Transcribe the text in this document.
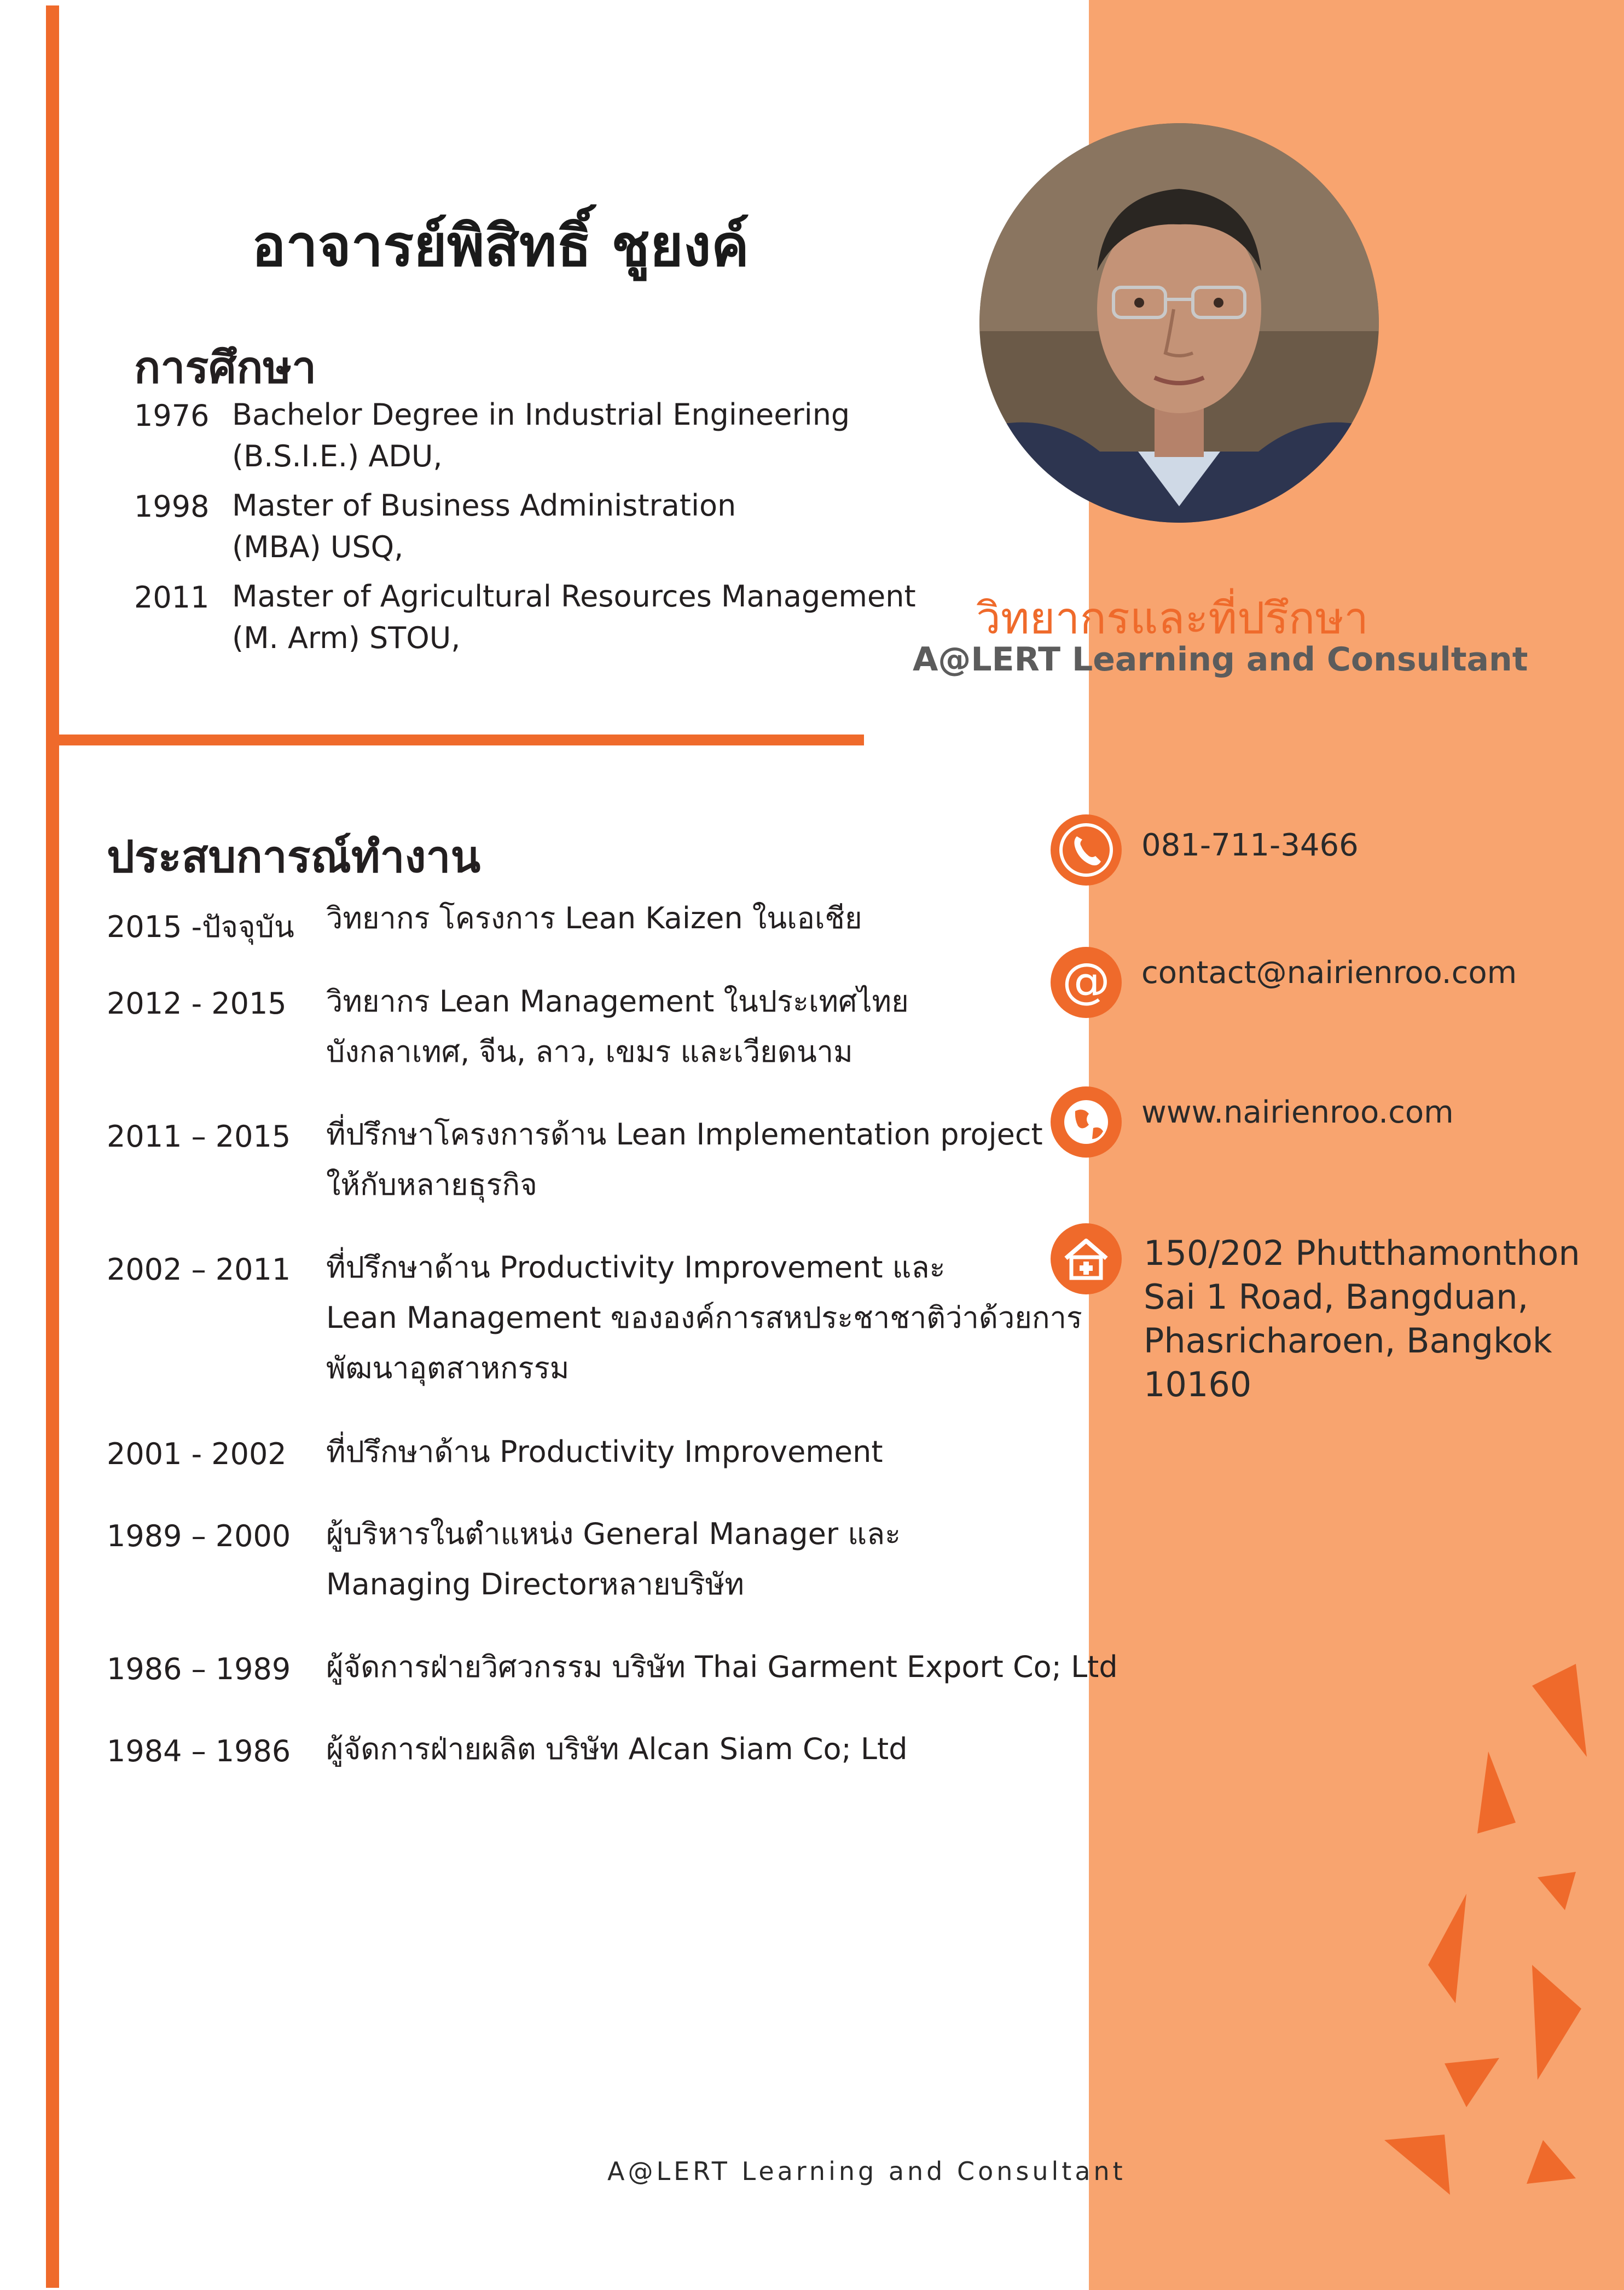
อาจารย์พิสิทธิ์ ชูยงค์
การศึกษา
1976 Bachelor Degree in Industrial Engineering
(B.S.I.E.) ADU,
1998 Master of Business Administration
(MBA) USQ,
2011 Master of Agricultural Resources Management
(M. Arm) STOU,	วิทยากรและที่ปรึกษา
A@LERT Learning and Consultant
ประสบการณ์ทำงาน
2015 -ปัจจุบัน วิทยากร โครงการ Lean Kaizen ในเอเชีย
2012 - 2015 วิทยากร Lean Management ในประเทศไทย
บังกลาเทศ, จีน, ลาว, เขมร และเวียดนาม
2011 – 2015 ที่ปรึกษาโครงการด้าน Lean Implementation project
ให้กับหลายธุรกิจ
2002 – 2011 ที่ปรึกษาด้าน Productivity Improvement และ
Lean Management ขององค์การสหประชาชาติว่าด้วยการ
พัฒนาอุตสาหกรรม
2001 - 2002 ที่ปรึกษาด้าน Productivity Improvement
1989 – 2000 ผู้บริหารในตำแหน่ง General Manager และ
Managing Directorหลายบริษัท
1986 – 1989 ผู้จัดการฝ่ายวิศวกรรม บริษัท Thai Garment Export Co; Ltd
1984 – 1986 ผู้จัดการฝ่ายผลิต บริษัท Alcan Siam Co; Ltd
081-711-3466
@ contact@nairienroo.com
www.nairienroo.com
150/202 Phutthamonthon
Sai 1 Road, Bangduan,
Phasricharoen, Bangkok
10160
A@LERT Learning and Consultant
